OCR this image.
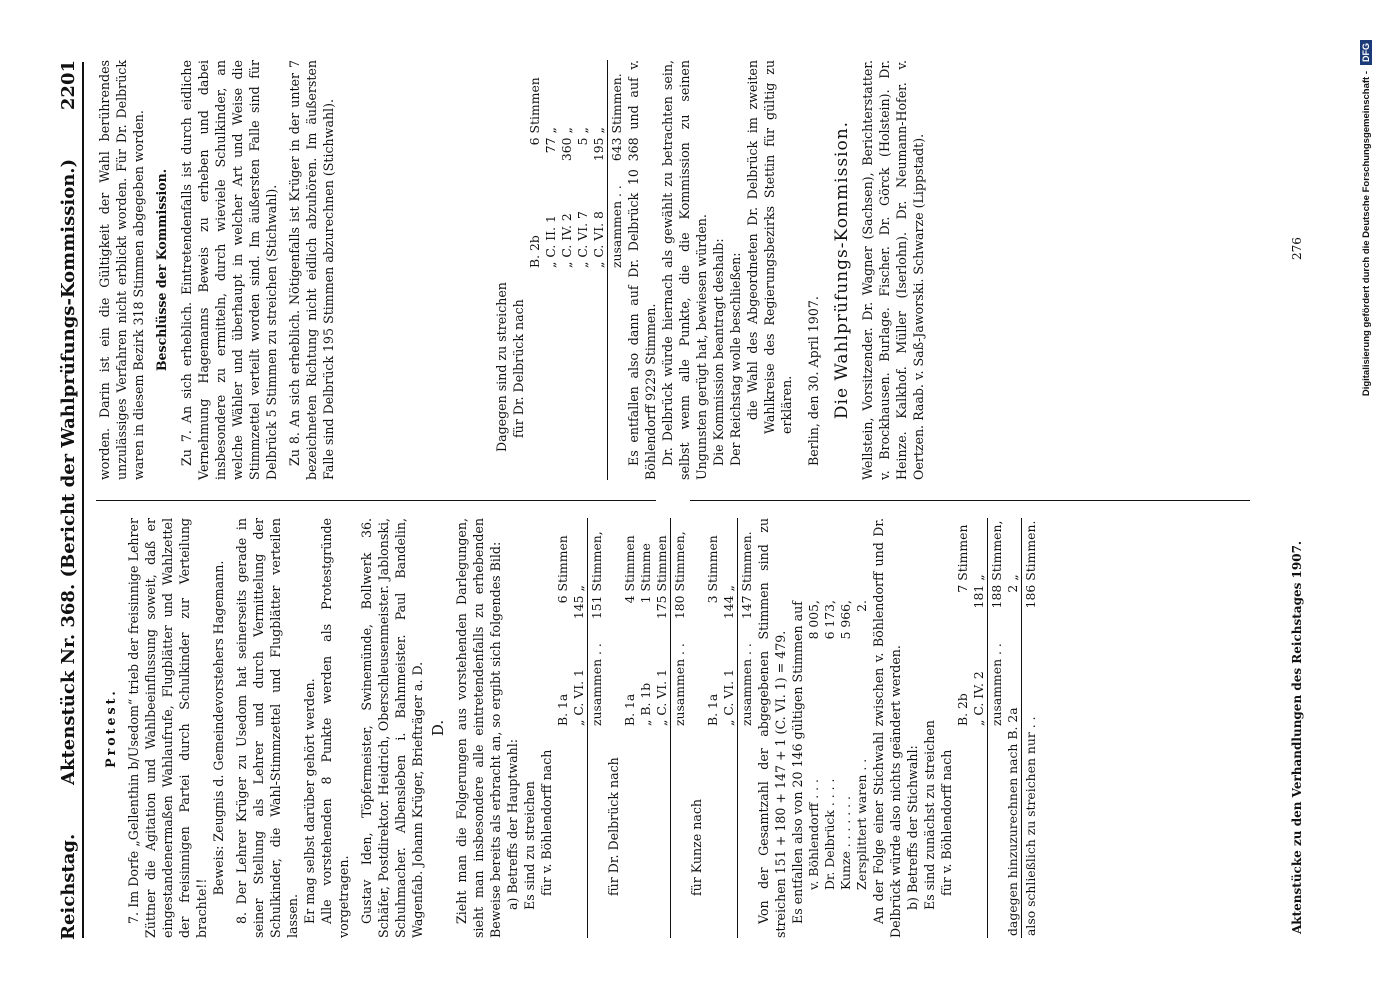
Reichstag.
Aktenstück Nr. 368. (Bericht der Wahlprüfungs-Kommission.)
2201
Protest. 7. Im Dorfe „Gellenthin b/Usedom“ trieb der freisinnige Lehrer Züttner die Agitation und Wahlbeeinflussung soweit, daß er eingestandenermaßen Wahlaufrufe, Flugblätter und Wahlzettel der freisinnigen Partei durch Schulkinder zur Verteilung brachte!!

Beweis: Zeugnis d. Gemeindevorstehers Hagemann. 8. Der Lehrer Krüger zu Usedom hat seinerseits gerade in seiner Stellung als Lehrer und durch Vermittelung der Schulkinder, die Wahl-Stimmzettel und Flugblätter verteilen lassen. Er mag selbst darüber gehört werden. Alle vorstehenden 8 Punkte werden als Protestgründe vorgetragen. Gustav Iden, Töpfermeister, Swinemünde, Bollwerk 36. Schäfer, Postdirektor. Heidrich, Oberschleusenmeister. Jablonski, Schuhmacher. Albensleben i. Bahnmeister. Paul Bandelin, Wagenfab. Johann Krüger, Briefträger a. D. D. Zieht man die Folgerungen aus vorstehenden Darlegungen, sieht man insbesondere alle eintretendenfalls zu erhebenden Beweise bereits als erbracht an, so ergibt sich folgendes Bild: a) Betreffs der Hauptwahl: Es sind zu streichen für v. Böhlendorff nach

	B. 1a	6	Stimmen
	„ C. VI. 1	145	„
	zusammen . .	151	Stimmen,

für Dr. Delbrück nach

	B. 1a	4	Stimmen
	„ B. 1b	1	Stimme
	„ C. VI. 1	175	Stimmen
	zusammen . .	180	Stimmen,

für Kunze nach

	B. 1a	3	Stimmen
	„ C. VI. 1	144	„
	zusammen . .	147	Stimmen. Von der Gesamtzahl der abgegebenen Stimmen sind zu streichen 151 + 180 + 147 + 1 (C. VI. 1) = 479. Es entfallen also von 20 146 gültigen Stimmen auf v. Böhlendorff . . .	8 005,
Dr. Delbrück . . . .	6 173,
Kunze . . . . . . .	5 966,
Zersplittert waren . .	2. An der Folge einer Stichwahl zwischen v. Böhlendorff und Dr. Delbrück würde also nichts geändert werden. b) Betreffs der Stichwahl: Es sind zunächst zu streichen für v. Böhlendorff nach

	B. 2b	7	Stimmen
	„ C. IV. 2	181	„
	zusammen . .	188	Stimmen,
dagegen hinzuzurechnen nach B. 2a		2	„
also schließlich zu streichen nur . .		186	Stimmen.

worden. Darin ist ein die Gültigkeit der Wahl berührendes unzulässiges Verfahren nicht erblickt worden. Für Dr. Delbrück waren in diesem Bezirk 318 Stimmen abgegeben worden. Beschlüsse der Kommission. Zu 7. An sich erheblich. Eintretendenfalls ist durch eidliche Vernehmung Hagemanns Beweis zu erheben und dabei insbesondere zu ermitteln, durch wieviele Schulkinder, an welche Wähler und überhaupt in welcher Art und Weise die Stimmzettel verteilt worden sind. Im äußersten Falle sind für Delbrück 5 Stimmen zu streichen (Stichwahl). Zu 8. An sich erheblich. Nötigenfalls ist Krüger in der unter 7 bezeichneten Richtung nicht eidlich abzuhören. Im äußersten Falle sind Delbrück 195 Stimmen abzurechnen (Stichwahl).	Dagegen sind zu streichen für Dr. Delbrück nach

	B. 2b	6	Stimmen
	„ C. II. 1	77	„
	„ C. IV. 2	360	„
	„ C. VI. 7	5	„
	„ C. VI. 8	195	„
	zusammen . .	643	Stimmen. Es entfallen also dann auf Dr. Delbrück 10 368 und auf v. Böhlendorff 9229 Stimmen. Dr. Delbrück würde hiernach als gewählt zu betrachten sein, selbst wenn alle Punkte, die die Kommission zu seinen Ungunsten gerügt hat, bewiesen würden. Die Kommission beantragt deshalb: Der Reichstag wolle beschließen: die Wahl des Abgeordneten Dr. Delbrück im zweiten Wahlkreise des Regierungsbezirks Stettin für gültig zu erklären. Berlin, den 30. April 1907. Die Wahlprüfungs-Kommission. Wellstein, Vorsitzender. Dr. Wagner (Sachsen), Berichterstatter. v. Brockhausen. Burlage. Fischer. Dr. Görck (Holstein). Dr. Heinze. Kalkhof. Müller (Iserlohn). Dr. Neumann-Hofer. v. Oertzen. Raab. v. Saß-Jaworski. Schwarze (Lippstadt).

Aktenstücke zu den Verhandlungen des Reichstages 1907.
276	Digitalisierung gefördert durch die Deutsche Forschungsgemeinschaft -
DFG
